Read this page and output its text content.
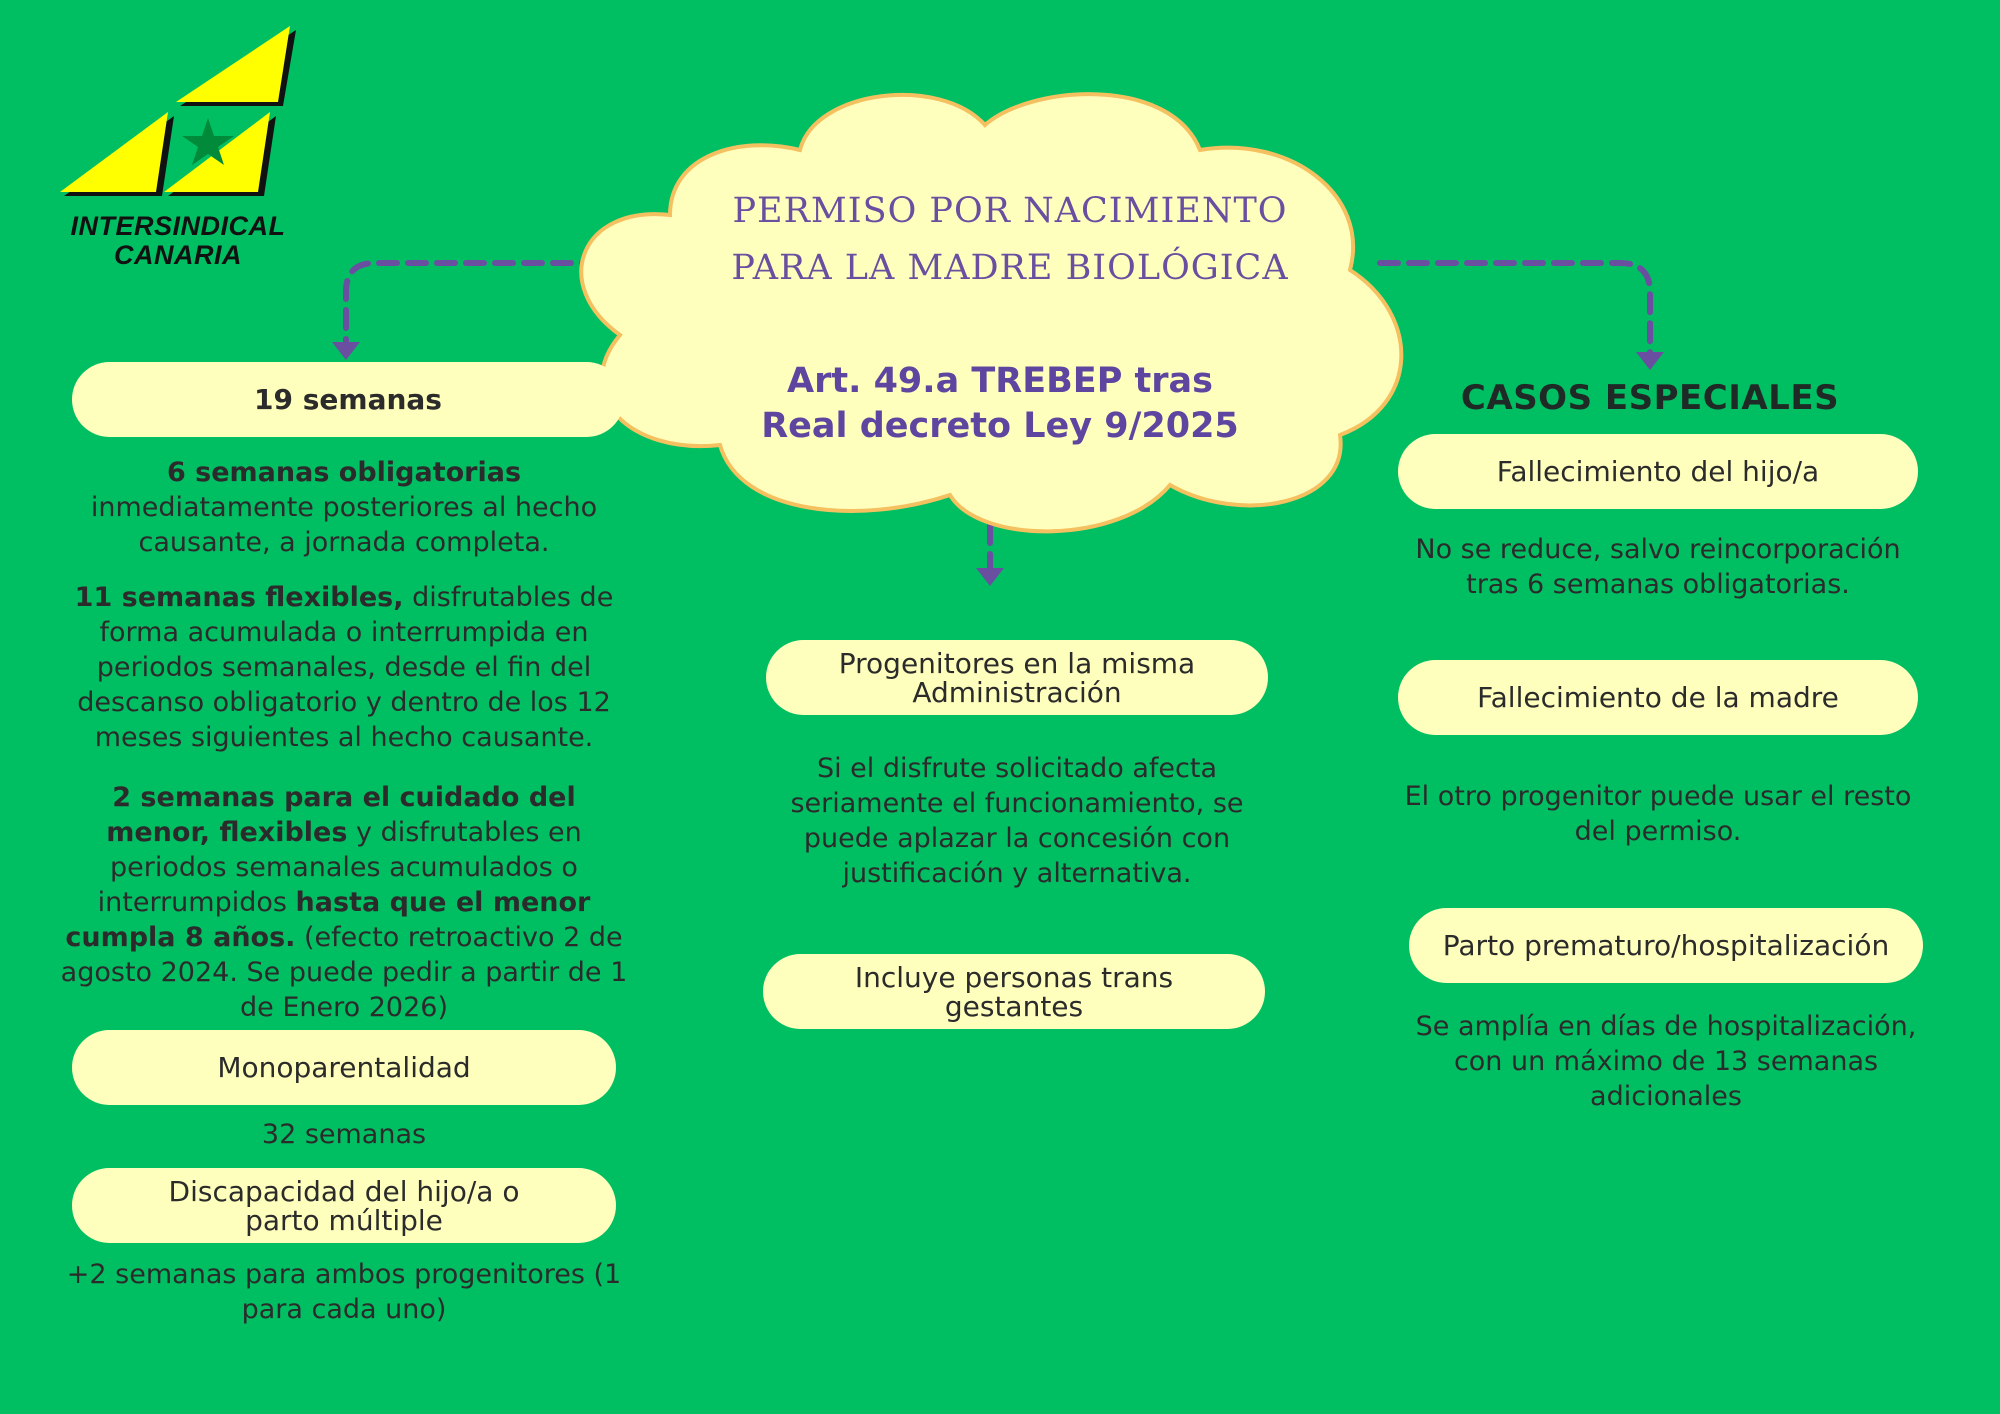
INTERSINDICAL
CANARIA
PERMISO POR NACIMIENTO
PARA LA MADRE BIOLÓGICA
Art. 49.a TREBEP tras
Real decreto Ley 9/2025
19 semanas
6 semanas obligatorias inmediatamente posteriores al hecho causante, a jornada completa.
11 semanas flexibles, disfrutables de forma acumulada o interrumpida en periodos semanales, desde el fin del descanso obligatorio y dentro de los 12 meses siguientes al hecho causante.
2 semanas para el cuidado del menor, flexibles y disfrutables en periodos semanales acumulados o interrumpidos hasta que el menor cumpla 8 años. (efecto retroactivo 2 de agosto 2024. Se puede pedir a partir de 1 de Enero 2026)
Monoparentalidad
32 semanas
Discapacidad del hijo/a o parto múltiple
+2 semanas para ambos progenitores (1 para cada uno)
Progenitores en la misma Administración
Si el disfrute solicitado afecta seriamente el funcionamiento, se puede aplazar la concesión con justificación y alternativa.
Incluye personas trans gestantes
CASOS ESPECIALES
Fallecimiento del hijo/a
No se reduce, salvo reincorporación tras 6 semanas obligatorias.
Fallecimiento de la madre
El otro progenitor puede usar el resto del permiso.
Parto prematuro/hospitalización
Se amplía en días de hospitalización, con un máximo de 13 semanas adicionales
